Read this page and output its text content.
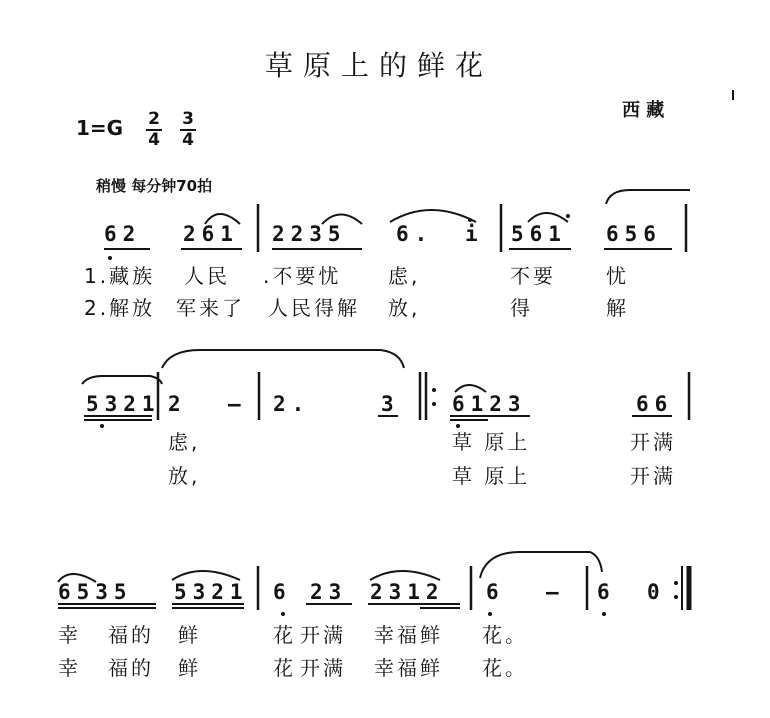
草原上的鲜花
西 藏
1=G 2
4
3
4
稍慢 每分钟70拍
62 261 2235 6. i 561 656
1.藏族 人民 .不要忧 虑,	不要	忧
2.解放 军来了 人民得解 放,	得	解
5321 2 – 2.	3 6123	66
虑,	草 原上	开满
放,	草 原上	开满
6535 5321 6 23 2312 6 – 6 0
幸 福的 鲜	花 开满 幸福鲜 花。
幸 福的 鲜	花 开满 幸福鲜 花。
